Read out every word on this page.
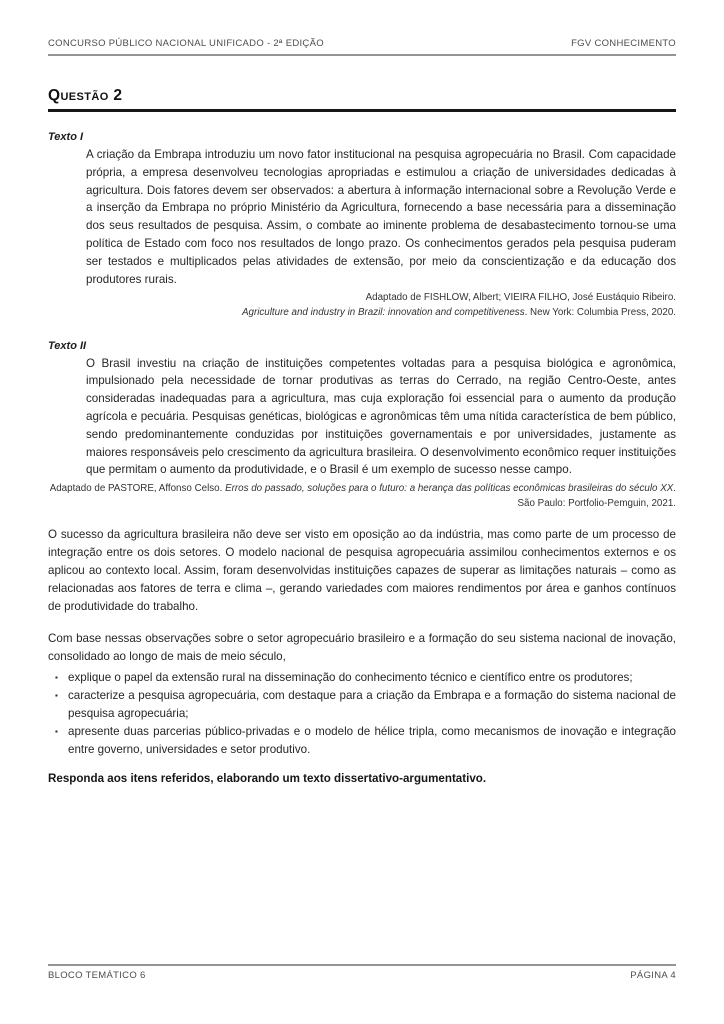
CONCURSO PÚBLICO NACIONAL UNIFICADO - 2ª EDIÇÃO	FGV CONHECIMENTO
Questão 2
Texto I
A criação da Embrapa introduziu um novo fator institucional na pesquisa agropecuária no Brasil. Com capacidade própria, a empresa desenvolveu tecnologias apropriadas e estimulou a criação de universidades dedicadas à agricultura. Dois fatores devem ser observados: a abertura à informação internacional sobre a Revolução Verde e a inserção da Embrapa no próprio Ministério da Agricultura, fornecendo a base necessária para a disseminação dos seus resultados de pesquisa. Assim, o combate ao iminente problema de desabastecimento tornou-se uma política de Estado com foco nos resultados de longo prazo. Os conhecimentos gerados pela pesquisa puderam ser testados e multiplicados pelas atividades de extensão, por meio da conscientização e da educação dos produtores rurais.
Adaptado de FISHLOW, Albert; VIEIRA FILHO, José Eustáquio Ribeiro.
Agriculture and industry in Brazil: innovation and competitiveness. New York: Columbia Press, 2020.
Texto II
O Brasil investiu na criação de instituições competentes voltadas para a pesquisa biológica e agronômica, impulsionado pela necessidade de tornar produtivas as terras do Cerrado, na região Centro-Oeste, antes consideradas inadequadas para a agricultura, mas cuja exploração foi essencial para o aumento da produção agrícola e pecuária. Pesquisas genéticas, biológicas e agronômicas têm uma nítida característica de bem público, sendo predominantemente conduzidas por instituições governamentais e por universidades, justamente as maiores responsáveis pelo crescimento da agricultura brasileira. O desenvolvimento econômico requer instituições que permitam o aumento da produtividade, e o Brasil é um exemplo de sucesso nesse campo.
Adaptado de PASTORE, Affonso Celso. Erros do passado, soluções para o futuro: a herança das políticas econômicas brasileiras do século XX. São Paulo: Portfolio-Pemguin, 2021.
O sucesso da agricultura brasileira não deve ser visto em oposição ao da indústria, mas como parte de um processo de integração entre os dois setores. O modelo nacional de pesquisa agropecuária assimilou conhecimentos externos e os aplicou ao contexto local. Assim, foram desenvolvidas instituições capazes de superar as limitações naturais – como as relacionadas aos fatores de terra e clima –, gerando variedades com maiores rendimentos por área e ganhos contínuos de produtividade do trabalho.
Com base nessas observações sobre o setor agropecuário brasileiro e a formação do seu sistema nacional de inovação, consolidado ao longo de mais de meio século,
▪ explique o papel da extensão rural na disseminação do conhecimento técnico e científico entre os produtores;
▪ caracterize a pesquisa agropecuária, com destaque para a criação da Embrapa e a formação do sistema nacional de pesquisa agropecuária;
▪ apresente duas parcerias público-privadas e o modelo de hélice tripla, como mecanismos de inovação e integração entre governo, universidades e setor produtivo.
Responda aos itens referidos, elaborando um texto dissertativo-argumentativo.
BLOCO TEMÁTICO 6	PÁGINA 4
